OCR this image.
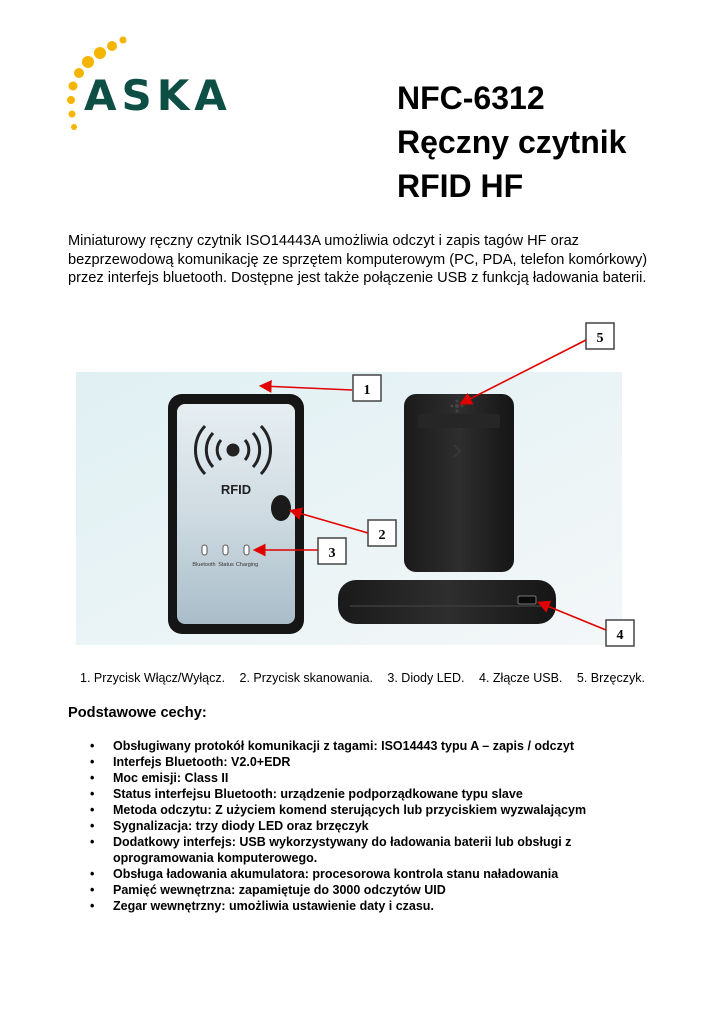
ASKA	NFC-6312
Ręczny czytnik
RFID HF
Miniaturowy ręczny czytnik ISO14443A umożliwia odczyt i zapis tagów HF oraz
bezprzewodową komunikację ze sprzętem komputerowym (PC, PDA, telefon komórkowy)
przez interfejs bluetooth. Dostępne jest także połączenie USB z funkcją ładowania baterii.
RFID
Bluetooth Status Charging
1
2
3
4
5
1. Przycisk Włącz/Wyłącz. 2. Przycisk skanowania. 3. Diody LED. 4. Złącze USB. 5. Brzęczyk.
Podstawowe cechy:
• Obsługiwany protokół komunikacji z tagami: ISO14443 typu A – zapis / odczyt
• Interfejs Bluetooth: V2.0+EDR
• Moc emisji: Class II
• Status interfejsu Bluetooth: urządzenie podporządkowane typu slave
• Metoda odczytu: Z użyciem komend sterujących lub przyciskiem wyzwalającym
• Sygnalizacja: trzy diody LED oraz brzęczyk
• Dodatkowy interfejs: USB wykorzystywany do ładowania baterii lub obsługi z oprogramowania komputerowego.
• Obsługa ładowania akumulatora: procesorowa kontrola stanu naładowania
• Pamięć wewnętrzna: zapamiętuje do 3000 odczytów UID
• Zegar wewnętrzny: umożliwia ustawienie daty i czasu.
